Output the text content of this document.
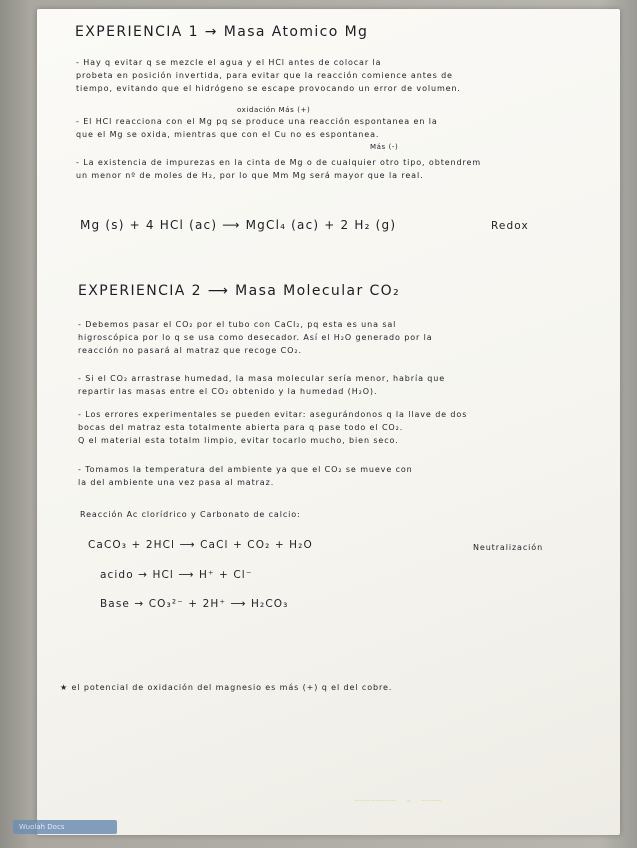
EXPERIENCIA 1 → Masa Atomico Mg
- Hay q evitar q se mezcle el agua y el HCl antes de colocar la
probeta en posición invertida, para evitar que la reacción comience antes de
tiempo, evitando que el hidrógeno se escape provocando un error de volumen.
oxidación Más (+)
- El HCl reacciona con el Mg pq se produce una reacción espontanea en la
que el Mg se oxida, mientras que con el Cu no es espontanea.
Más (-)
- La existencia de impurezas en la cinta de Mg o de cualquier otro tipo, obtendrem
un menor nº de moles de H₂, por lo que Mm Mg será mayor que la real.
Mg (s) + 4 HCl (ac) ⟶ MgCl₄ (ac) + 2 H₂ (g)	Redox
EXPERIENCIA 2 ⟶ Masa Molecular CO₂
- Debemos pasar el CO₂ por el tubo con CaCl₂, pq esta es una sal
higroscópica por lo q se usa como desecador. Así el H₂O generado por la
reacción no pasará al matraz que recoge CO₂.
- Si el CO₂ arrastrase humedad, la masa molecular sería menor, habría que
repartir las masas entre el CO₂ obtenido y la humedad (H₂O).
- Los errores experimentales se pueden evitar: asegurándonos q la llave de dos
bocas del matraz esta totalmente abierta para q pase todo el CO₂.
Q el material esta totalm limpio, evitar tocarlo mucho, bien seco.
- Tomamos la temperatura del ambiente ya que el CO₂ se mueve con
la del ambiente una vez pasa al matraz.
Reacción Ac clorídrico y Carbonato de calcio:
CaCO₃ + 2HCl ⟶ CaCl + CO₂ + H₂O	Neutralización
acido → HCl ⟶ H⁺ + Cl⁻
Base → CO₃²⁻ + 2H⁺ ⟶ H₂CO₃
★ el potencial de oxidación del magnesio es más (+) q el del cobre.
────────   ⌁   ────
Wuolah Docs
